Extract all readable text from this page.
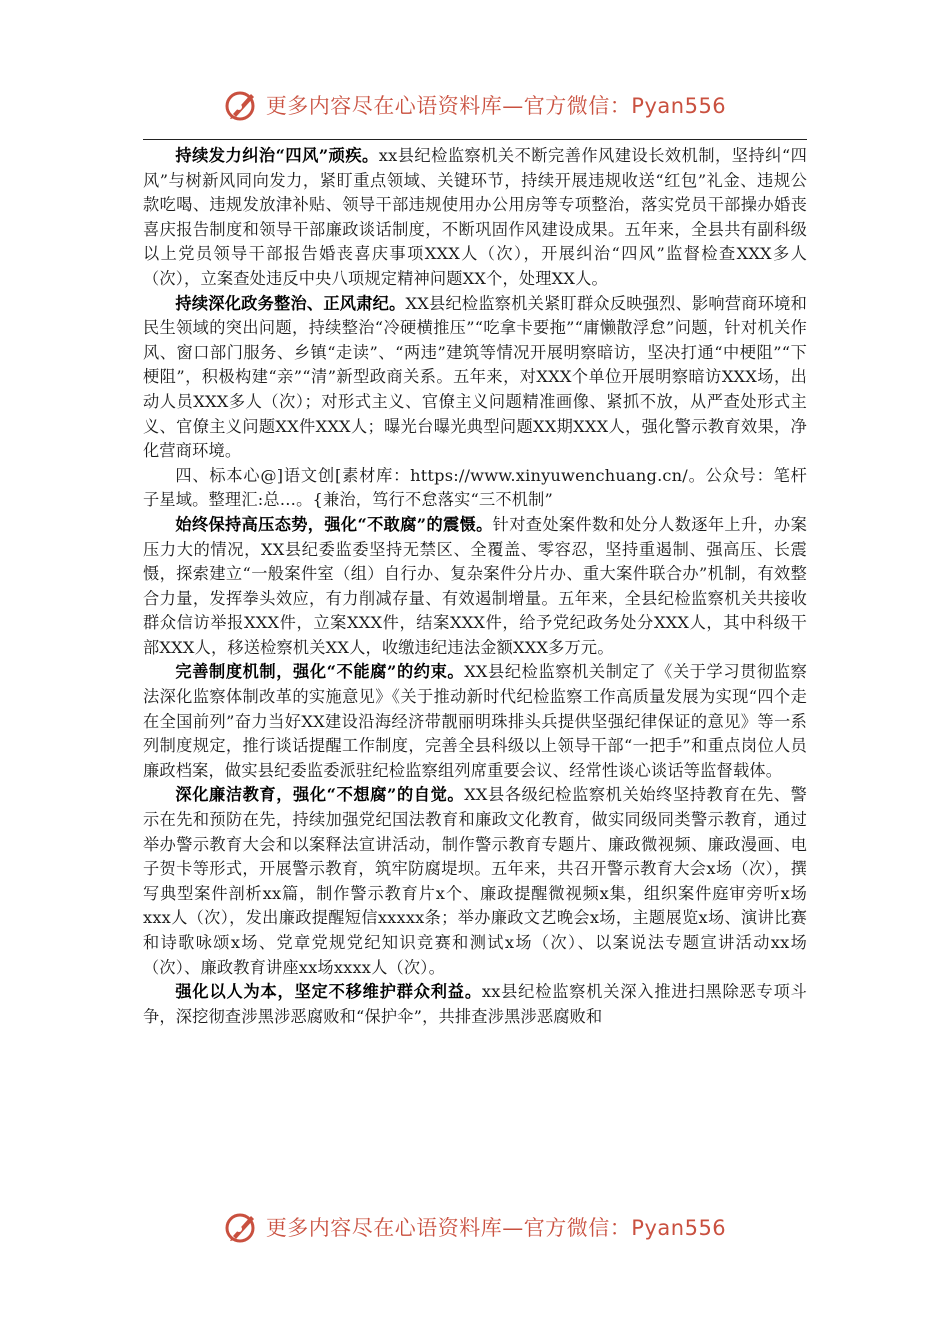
更多内容尽在心语资料库—官方微信：Pyan556

持续发力纠治“四风”顽疾。xx县纪检监察机关不断完善作风建设长效机制，坚持纠“四风”与树新风同向发力，紧盯重点领域、关键环节，持续开展违规收送“红包”礼金、违规公款吃喝、违规发放津补贴、领导干部违规使用办公用房等专项整治，落实党员干部操办婚丧喜庆报告制度和领导干部廉政谈话制度，不断巩固作风建设成果。五年来，全县共有副科级以上党员领导干部报告婚丧喜庆事项XXX人（次），开展纠治“四风”监督检查XXX多人（次），立案查处违反中央八项规定精神问题XX个，处理XX人。

持续深化政务整治、正风肃纪。XX县纪检监察机关紧盯群众反映强烈、影响营商环境和民生领域的突出问题，持续整治“冷硬横推压”“吃拿卡要拖”“庸懒散浮怠”问题，针对机关作风、窗口部门服务、乡镇“走读”、“两违”建筑等情况开展明察暗访，坚决打通“中梗阻”“下梗阻”，积极构建“亲”“清”新型政商关系。五年来，对XXX个单位开展明察暗访XXX场，出动人员XXX多人（次）；对形式主义、官僚主义问题精准画像、紧抓不放，从严查处形式主义、官僚主义问题XX件XXX人；曝光台曝光典型问题XX期XXX人，强化警示教育效果，净化营商环境。

四、标本心@]语文创[素材库：https://www.xinyuwenchuang.cn/。公众号：笔杆子星域。整理汇:总…。{兼治，笃行不怠落实“三不机制”

始终保持高压态势，强化“不敢腐”的震慑。针对查处案件数和处分人数逐年上升，办案压力大的情况，XX县纪委监委坚持无禁区、全覆盖、零容忍，坚持重遏制、强高压、长震慑，探索建立“一般案件室（组）自行办、复杂案件分片办、重大案件联合办”机制，有效整合力量，发挥拳头效应，有力削减存量、有效遏制增量。五年来，全县纪检监察机关共接收群众信访举报XXX件，立案XXX件，结案XXX件，给予党纪政务处分XXX人，其中科级干部XXX人，移送检察机关XX人，收缴违纪违法金额XXX多万元。

完善制度机制，强化“不能腐”的约束。XX县纪检监察机关制定了《关于学习贯彻监察法深化监察体制改革的实施意见》《关于推动新时代纪检监察工作高质量发展为实现“四个走在全国前列”奋力当好XX建设沿海经济带靓丽明珠排头兵提供坚强纪律保证的意见》等一系列制度规定，推行谈话提醒工作制度，完善全县科级以上领导干部“一把手”和重点岗位人员廉政档案，做实县纪委监委派驻纪检监察组列席重要会议、经常性谈心谈话等监督载体。

深化廉洁教育，强化“不想腐”的自觉。XX县各级纪检监察机关始终坚持教育在先、警示在先和预防在先，持续加强党纪国法教育和廉政文化教育，做实同级同类警示教育，通过举办警示教育大会和以案释法宣讲活动，制作警示教育专题片、廉政微视频、廉政漫画、电子贺卡等形式，开展警示教育，筑牢防腐堤坝。五年来，共召开警示教育大会x场（次），撰写典型案件剖析xx篇，制作警示教育片x个、廉政提醒微视频x集，组织案件庭审旁听x场xxx人（次），发出廉政提醒短信xxxxx条；举办廉政文艺晚会x场，主题展览x场、演讲比赛和诗歌咏颂x场、党章党规党纪知识竞赛和测试x场（次）、以案说法专题宣讲活动xx场（次）、廉政教育讲座xx场xxxx人（次）。

强化以人为本，坚定不移维护群众利益。xx县纪检监察机关深入推进扫黑除恶专项斗争，深挖彻查涉黑涉恶腐败和“保护伞”，共排查涉黑涉恶腐败和

更多内容尽在心语资料库—官方微信：Pyan556
